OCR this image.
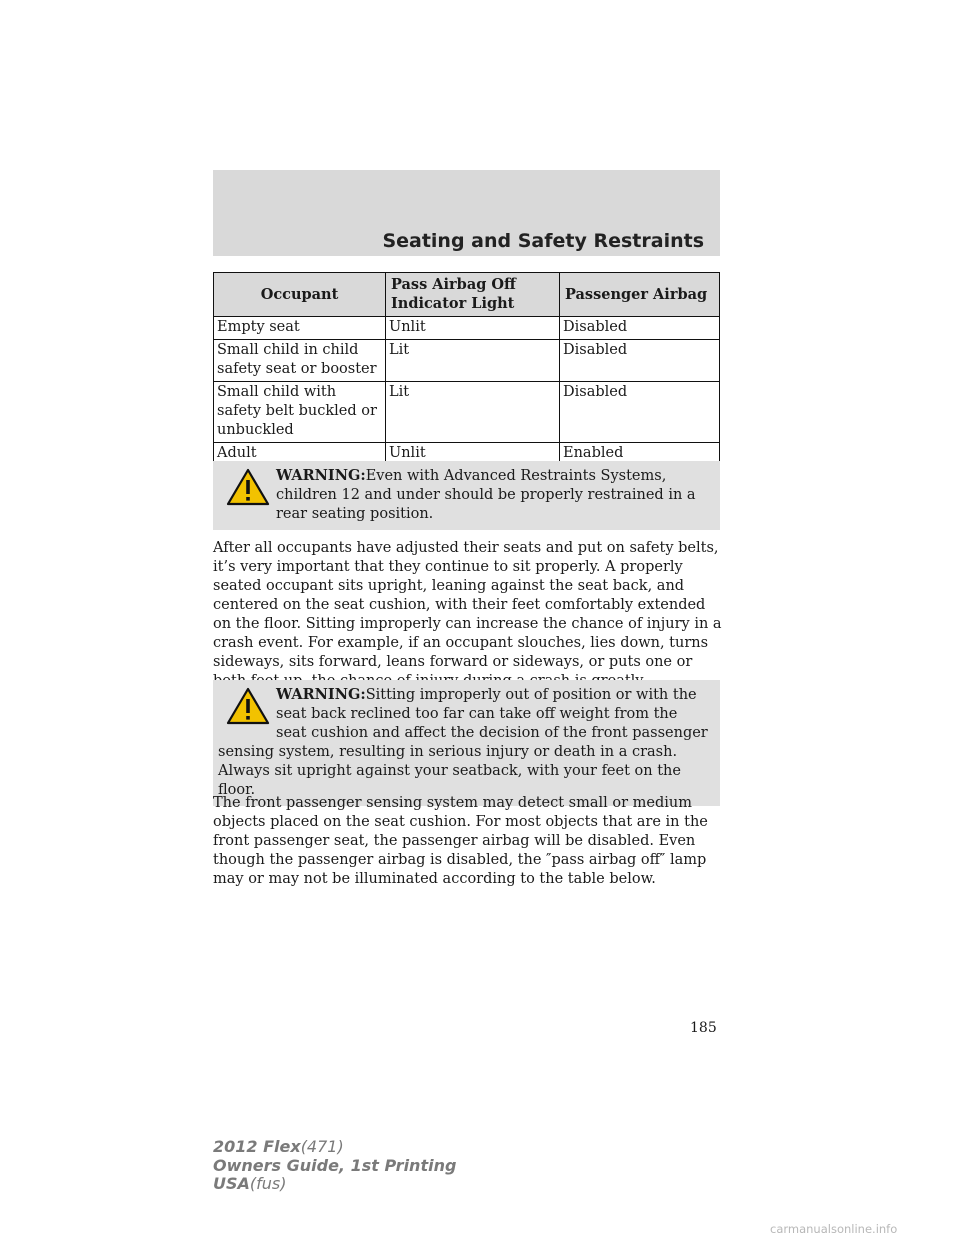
Seating and Safety Restraints
Occupant	Pass Airbag Off Indicator Light	Passenger Airbag
Empty seat	Unlit	Disabled
Small child in child safety seat or booster	Lit	Disabled
Small child with safety belt buckled or unbuckled	Lit	Disabled
Adult	Unlit	Enabled
WARNING:Even with Advanced Restraints Systems, children 12 and under should be properly restrained in a rear seating position.

After all occupants have adjusted their seats and put on safety belts, it’s very important that they continue to sit properly. A properly seated occupant sits upright, leaning against the seat back, and centered on the seat cushion, with their feet comfortably extended on the floor. Sitting improperly can increase the chance of injury in a crash event. For example, if an occupant slouches, lies down, turns sideways, sits forward, leans forward or sideways, or puts one or

WARNING:Sitting improperly out of position or with the seat back reclined too far can take off weight from the seat cushion and affect the decision of the front passenger sensing system, resulting in serious injury or death in a crash.
Always sit upright against your seatback, with your feet on the floor.

The front passenger sensing system may detect small or medium objects placed on the seat cushion. For most objects that are in the front passenger seat, the passenger airbag will be disabled. Even though the passenger airbag is disabled, the ″pass airbag off″ lamp may or may not be illuminated according to the table below.

185
2012 Flex(471)
Owners Guide, 1st Printing
USA(fus)
carmanualsonline.info
